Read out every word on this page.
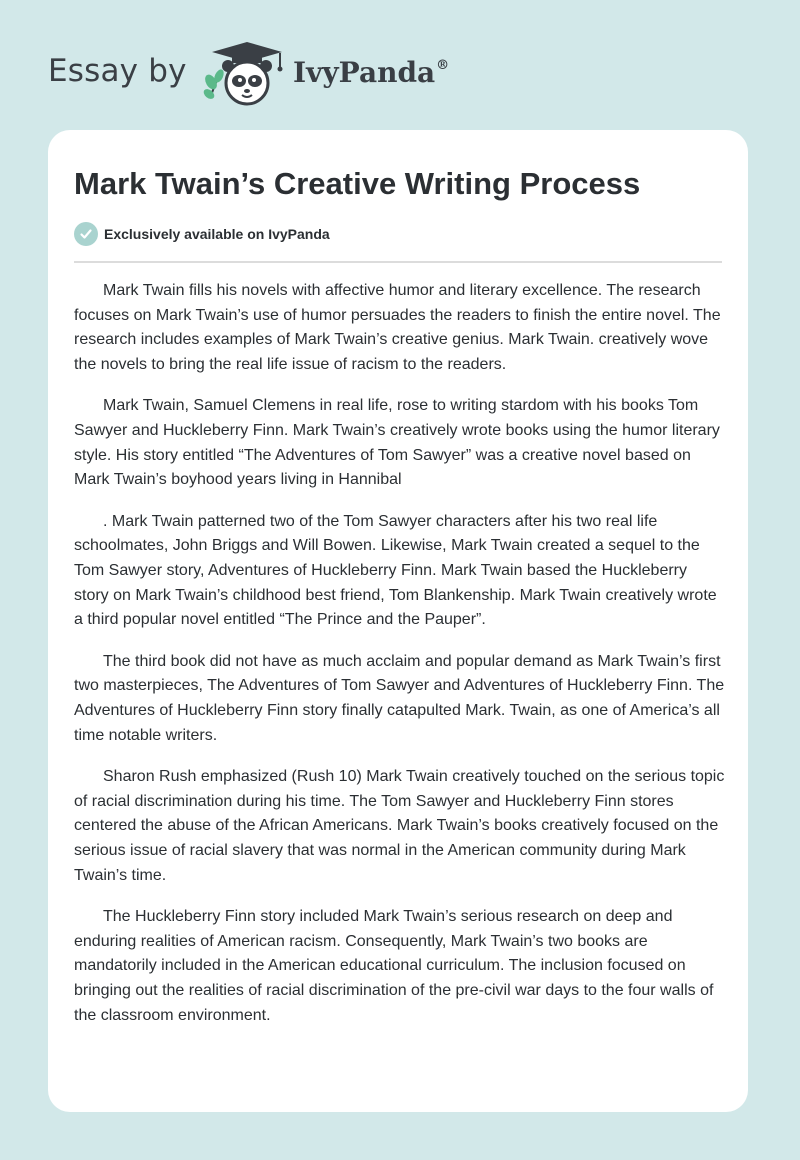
Essay by	IvyPanda®
Mark Twain’s Creative Writing Process
Exclusively available on IvyPanda

Mark Twain fills his novels with affective humor and literary excellence. The research focuses on Mark Twain’s use of humor persuades the readers to finish the entire novel. The research includes examples of Mark Twain’s creative genius. Mark Twain. creatively wove the novels to bring the real life issue of racism to the readers.

Mark Twain, Samuel Clemens in real life, rose to writing stardom with his books Tom Sawyer and Huckleberry Finn. Mark Twain’s creatively wrote books using the humor literary style. His story entitled “The Adventures of Tom Sawyer” was a creative novel based on Mark Twain’s boyhood years living in Hannibal

. Mark Twain patterned two of the Tom Sawyer characters after his two real life schoolmates, John Briggs and Will Bowen. Likewise, Mark Twain created a sequel to the Tom Sawyer story, Adventures of Huckleberry Finn. Mark Twain based the Huckleberry story on Mark Twain’s childhood best friend, Tom Blankenship. Mark Twain creatively wrote a third popular novel entitled “The Prince and the Pauper”.

The third book did not have as much acclaim and popular demand as Mark Twain’s first two masterpieces, The Adventures of Tom Sawyer and Adventures of Huckleberry Finn. The Adventures of Huckleberry Finn story finally catapulted Mark. Twain, as one of America’s all time notable writers.

Sharon Rush emphasized (Rush 10) Mark Twain creatively touched on the serious topic of racial discrimination during his time. The Tom Sawyer and Huckleberry Finn stores centered the abuse of the African Americans. Mark Twain’s books creatively focused on the serious issue of racial slavery that was normal in the American community during Mark Twain’s time.

The Huckleberry Finn story included Mark Twain’s serious research on deep and enduring realities of American racism. Consequently, Mark Twain’s two books are mandatorily included in the American educational curriculum. The inclusion focused on bringing out the realities of racial discrimination of the pre-civil war days to the four walls of the classroom environment.
